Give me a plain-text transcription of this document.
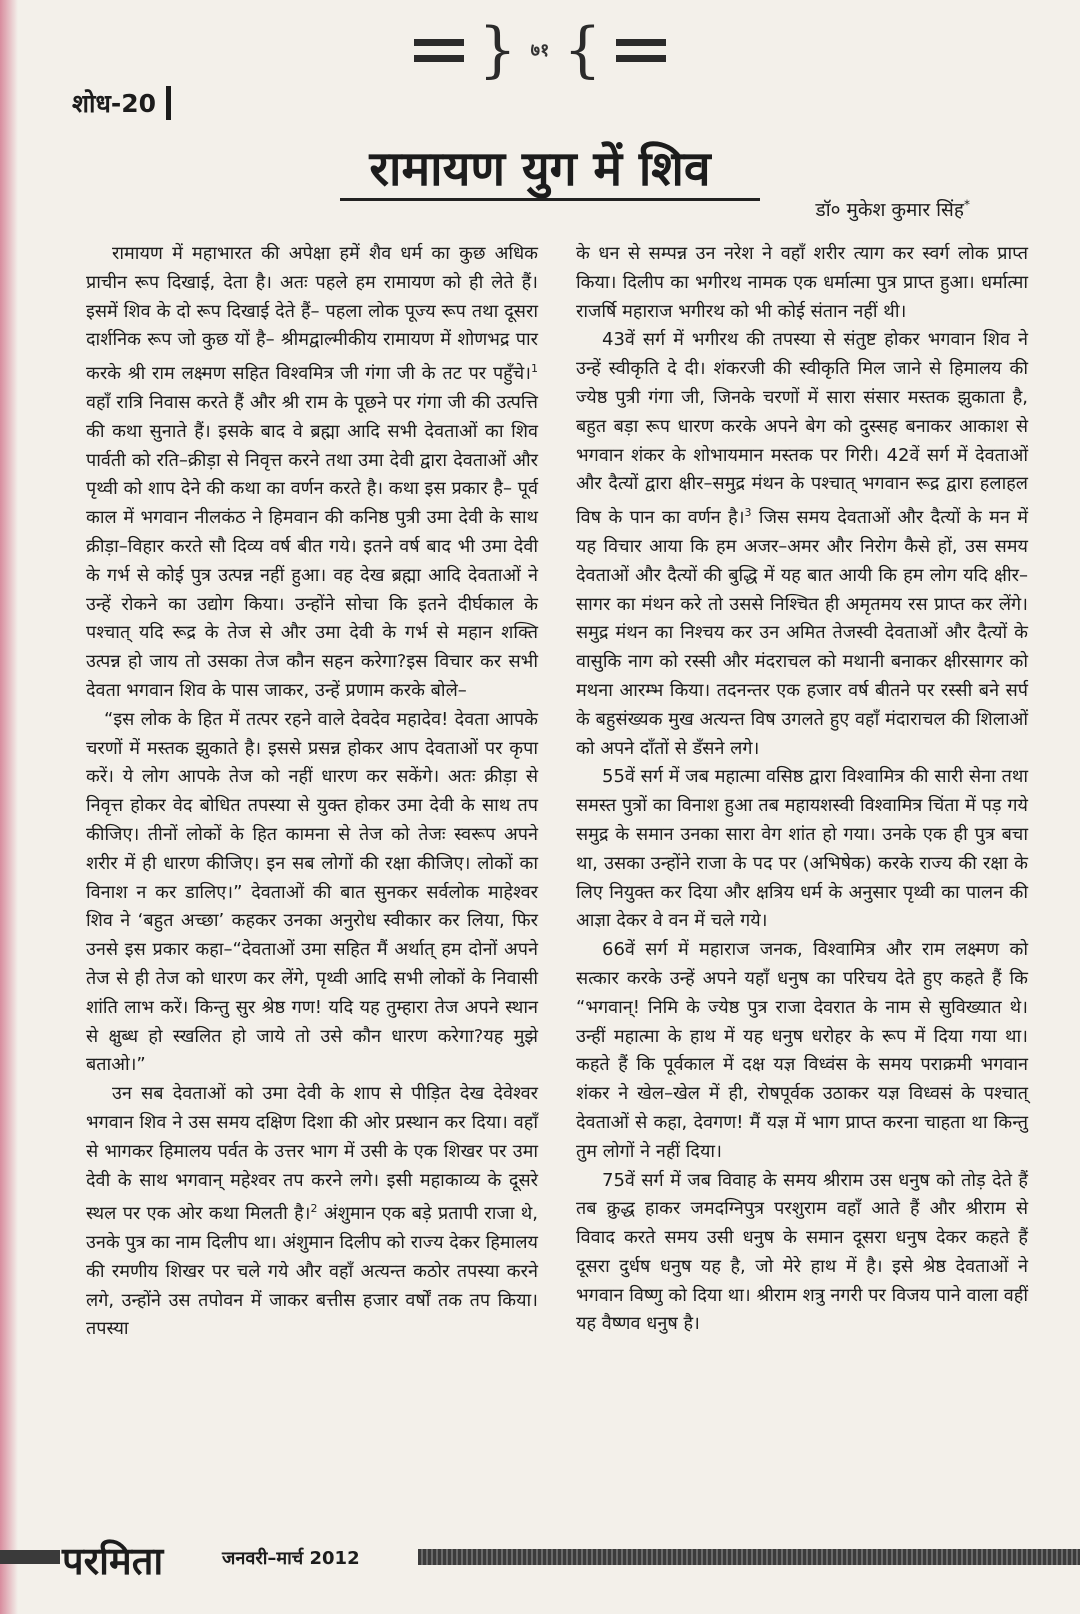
} ७१ {
शोध-20
रामायण युग में शिव
डॉ० मुकेश कुमार सिंह*

रामायण में महाभारत की अपेक्षा हमें शैव धर्म का कुछ अधिक प्राचीन रूप दिखाई, देता है। अतः पहले हम रामायण को ही लेते हैं। इसमें शिव के दो रूप दिखाई देते हैं– पहला लोक पूज्य रूप तथा दूसरा दार्शनिक रूप जो कुछ यों है– श्रीमद्वाल्मीकीय रामायण में शोणभद्र पार करके श्री राम लक्ष्मण सहित विश्वमित्र जी गंगा जी के तट पर पहुँचे।$^1$ वहाँ रात्रि निवास करते हैं और श्री राम के पूछने पर गंगा जी की उत्पत्ति की कथा सुनाते हैं। इसके बाद वे ब्रह्मा आदि सभी देवताओं का शिव पार्वती को रति–क्रीड़ा से निवृत्त करने तथा उमा देवी द्वारा देवताओं और पृथ्वी को शाप देने की कथा का वर्णन करते है। कथा इस प्रकार है– पूर्व काल में भगवान नीलकंठ ने हिमवान की कनिष्ठ पुत्री उमा देवी के साथ क्रीड़ा–विहार करते सौ दिव्य वर्ष बीत गये। इतने वर्ष बाद भी उमा देवी के गर्भ से कोई पुत्र उत्पन्न नहीं हुआ। वह देख ब्रह्मा आदि देवताओं ने उन्हें रोकने का उद्योग किया। उन्होंने सोचा कि इतने दीर्घकाल के पश्चात् यदि रूद्र के तेज से और उमा देवी के गर्भ से महान शक्ति उत्पन्न हो जाय तो उसका तेज कौन सहन करेगा?इस विचार कर सभी देवता भगवान शिव के पास जाकर, उन्हें प्रणाम करके बोले–

“इस लोक के हित में तत्पर रहने वाले देवदेव महादेव! देवता आपके चरणों में मस्तक झुकाते है। इससे प्रसन्न होकर आप देवताओं पर कृपा करें। ये लोग आपके तेज को नहीं धारण कर सकेंगे। अतः क्रीड़ा से निवृत्त होकर वेद बोधित तपस्या से युक्त होकर उमा देवी के साथ तप कीजिए। तीनों लोकों के हित कामना से तेज को तेजः स्वरूप अपने शरीर में ही धारण कीजिए। इन सब लोगों की रक्षा कीजिए। लोकों का विनाश न कर डालिए।” देवताओं की बात सुनकर सर्वलोक माहेश्वर शिव ने ‘बहुत अच्छा’ कहकर उनका अनुरोध स्वीकार कर लिया, फिर उनसे इस प्रकार कहा–“देवताओं उमा सहित मैं अर्थात् हम दोनों अपने तेज से ही तेज को धारण कर लेंगे, पृथ्वी आदि सभी लोकों के निवासी शांति लाभ करें। किन्तु सुर श्रेष्ठ गण! यदि यह तुम्हारा तेज अपने स्थान से क्षुब्ध हो स्खलित हो जाये तो उसे कौन धारण करेगा?यह मुझे बताओ।”

उन सब देवताओं को उमा देवी के शाप से पीड़ित देख देवेश्वर भगवान शिव ने उस समय दक्षिण दिशा की ओर प्रस्थान कर दिया। वहाँ से भागकर हिमालय पर्वत के उत्तर भाग में उसी के एक शिखर पर उमा देवी के साथ भगवान् महेश्वर तप करने लगे। इसी महाकाव्य के दूसरे स्थल पर एक ओर कथा मिलती है।$^2$ अंशुमान एक बड़े प्रतापी राजा थे, उनके पुत्र का नाम दिलीप था। अंशुमान दिलीप को राज्य देकर हिमालय की रमणीय शिखर पर चले गये और वहाँ अत्यन्त कठोर तपस्या करने लगे, उन्होंने उस तपोवन में जाकर बत्तीस हजार वर्षों तक तप किया। तपस्या

के धन से सम्पन्न उन नरेश ने वहाँ शरीर त्याग कर स्वर्ग लोक प्राप्त किया। दिलीप का भगीरथ नामक एक धर्मात्मा पुत्र प्राप्त हुआ। धर्मात्मा राजर्षि महाराज भगीरथ को भी कोई संतान नहीं थी।

43वें सर्ग में भगीरथ की तपस्या से संतुष्ट होकर भगवान शिव ने उन्हें स्वीकृति दे दी। शंकरजी की स्वीकृति मिल जाने से हिमालय की ज्येष्ठ पुत्री गंगा जी, जिनके चरणों में सारा संसार मस्तक झुकाता है, बहुत बड़ा रूप धारण करके अपने बेग को दुस्सह बनाकर आकाश से भगवान शंकर के शोभायमान मस्तक पर गिरी। 42वें सर्ग में देवताओं और दैत्यों द्वारा क्षीर–समुद्र मंथन के पश्चात् भगवान रूद्र द्वारा हलाहल विष के पान का वर्णन है।$^3$ जिस समय देवताओं और दैत्यों के मन में यह विचार आया कि हम अजर–अमर और निरोग कैसे हों, उस समय देवताओं और दैत्यों की बुद्धि में यह बात आयी कि हम लोग यदि क्षीर–सागर का मंथन करे तो उससे निश्चित ही अमृतमय रस प्राप्त कर लेंगे। समुद्र मंथन का निश्चय कर उन अमित तेजस्वी देवताओं और दैत्यों के वासुकि नाग को रस्सी और मंदराचल को मथानी बनाकर क्षीरसागर को मथना आरम्भ किया। तदनन्तर एक हजार वर्ष बीतने पर रस्सी बने सर्प के बहुसंख्यक मुख अत्यन्त विष उगलते हुए वहाँ मंदाराचल की शिलाओं को अपने दाँतों से डँसने लगे।

55वें सर्ग में जब महात्मा वसिष्ठ द्वारा विश्वामित्र की सारी सेना तथा समस्त पुत्रों का विनाश हुआ तब महायशस्वी विश्वामित्र चिंता में पड़ गये समुद्र के समान उनका सारा वेग शांत हो गया। उनके एक ही पुत्र बचा था, उसका उन्होंने राजा के पद पर (अभिषेक) करके राज्य की रक्षा के लिए नियुक्त कर दिया और क्षत्रिय धर्म के अनुसार पृथ्वी का पालन की आज्ञा देकर वे वन में चले गये।

66वें सर्ग में महाराज जनक, विश्वामित्र और राम लक्ष्मण को सत्कार करके उन्हें अपने यहाँ धनुष का परिचय देते हुए कहते हैं कि “भगवान्! निमि के ज्येष्ठ पुत्र राजा देवरात के नाम से सुविख्यात थे। उन्हीं महात्मा के हाथ में यह धनुष धरोहर के रूप में दिया गया था। कहते हैं कि पूर्वकाल में दक्ष यज्ञ विध्वंस के समय पराक्रमी भगवान शंकर ने खेल–खेल में ही, रोषपूर्वक उठाकर यज्ञ विध्वसं के पश्चात् देवताओं से कहा, देवगण! मैं यज्ञ में भाग प्राप्त करना चाहता था किन्तु तुम लोगों ने नहीं दिया।

75वें सर्ग में जब विवाह के समय श्रीराम उस धनुष को तोड़ देते हैं तब क्रुद्ध हाकर जमदग्निपुत्र परशुराम वहाँ आते हैं और श्रीराम से विवाद करते समय उसी धनुष के समान दूसरा धनुष देकर कहते हैं दूसरा दुर्धष धनुष यह है, जो मेरे हाथ में है। इसे श्रेष्ठ देवताओं ने भगवान विष्णु को दिया था। श्रीराम शत्रु नगरी पर विजय पाने वाला वहीं यह वैष्णव धनुष है।

परमिता	जनवरी–मार्च 2012
